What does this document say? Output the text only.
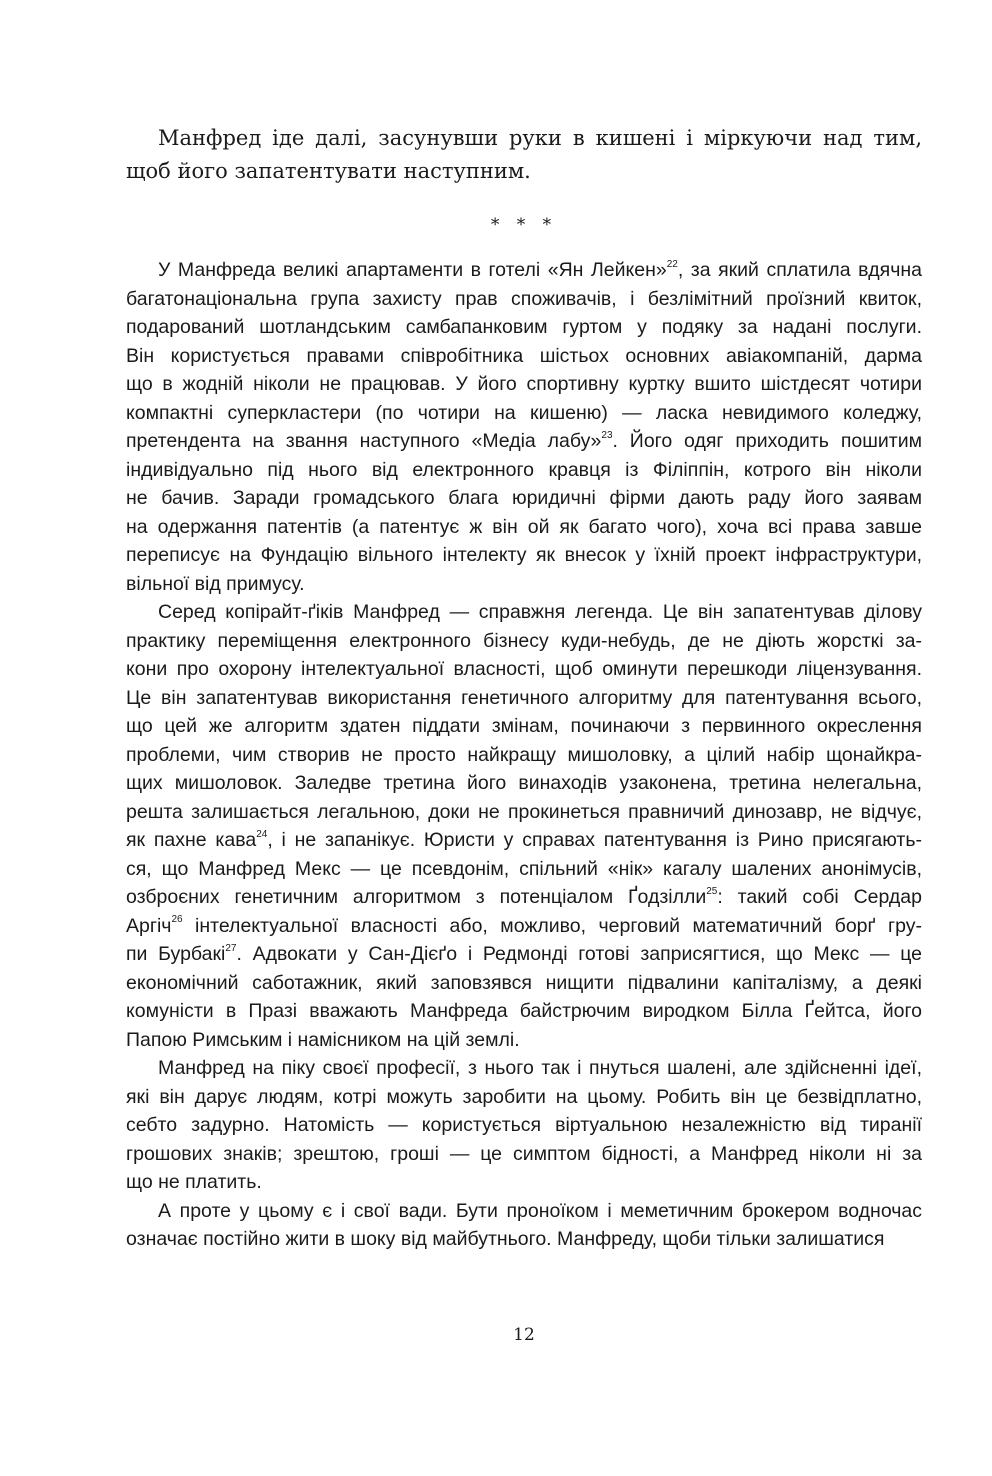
Манфред іде далі, засунувши руки в кишені і міркуючи над тим, щоб його запатентувати наступним.

* * *

У Манфреда великі апартаменти в готелі «Ян Лейкен»$^{22}$, за який сплатила вдячна
багатонаціональна група захисту прав споживачів, і безлімітний проїзний квиток,
подарований шотландським самбапанковим гуртом у подяку за надані послуги.
Він користується правами співробітника шістьох основних авіакомпаній, дарма
що в жодній ніколи не працював. У його спортивну куртку вшито шістдесят чотири
компактні суперкластери (по чотири на кишеню) — ласка невидимого коледжу,
претендента на звання наступного «Медіа лабу»$^{23}$. Його одяг приходить пошитим
індивідуально під нього від електронного кравця із Філіппін, котрого він ніколи
не бачив. Заради громадського блага юридичні фірми дають раду його заявам
на одержання патентів (а патентує ж він ой як багато чого), хоча всі права завше
переписує на Фундацію вільного інтелекту як внесок у їхній проект інфраструктури,
вільної від примусу.

Серед копірайт-ґіків Манфред — справжня легенда. Це він запатентував ділову
практику переміщення електронного бізнесу куди-небудь, де не діють жорсткі за-
кони про охорону інтелектуальної власності, щоб оминути перешкоди ліцензування.
Це він запатентував використання генетичного алгоритму для патентування всього,
що цей же алгоритм здатен піддати змінам, починаючи з первинного окреслення
проблеми, чим створив не просто найкращу мишоловку, а цілий набір щонайкра-
щих мишоловок. Заледве третина його винаходів узаконена, третина нелегальна,
решта залишається легальною, доки не прокинеться правничий динозавр, не відчує,
як пахне кава$^{24}$, і не запанікує. Юристи у справах патентування із Рино присягають-
ся, що Манфред Мекс — це псевдонім, спільний «нік» кагалу шалених анонімусів,
озброєних генетичним алгоритмом з потенціалом Ґодзілли$^{25}$: такий собі Сердар
Аргіч$^{26}$ інтелектуальної власності або, можливо, черговий математичний борґ гру-
пи Бурбакі$^{27}$. Адвокати у Сан-Дієґо і Редмонді готові заприсягтися, що Мекс — це
економічний саботажник, який заповзявся нищити підвалини капіталізму, а деякі
комуністи в Празі вважають Манфреда байстрючим виродком Білла Ґейтса, його
Папою Римським і намісником на цій землі.

Манфред на піку своєї професії, з нього так і пнуться шалені, але здійсненні ідеї,
які він дарує людям, котрі можуть заробити на цьому. Робить він це безвідплатно,
себто задурно. Натомість — користується віртуальною незалежністю від тиранії
грошових знаків; зрештою, гроші — це симптом бідності, а Манфред ніколи ні за
що не платить.

А проте у цьому є і свої вади. Бути проноїком і меметичним брокером водночас
означає постійно жити в шоку від майбутнього. Манфреду, щоби тільки залишатися

12
